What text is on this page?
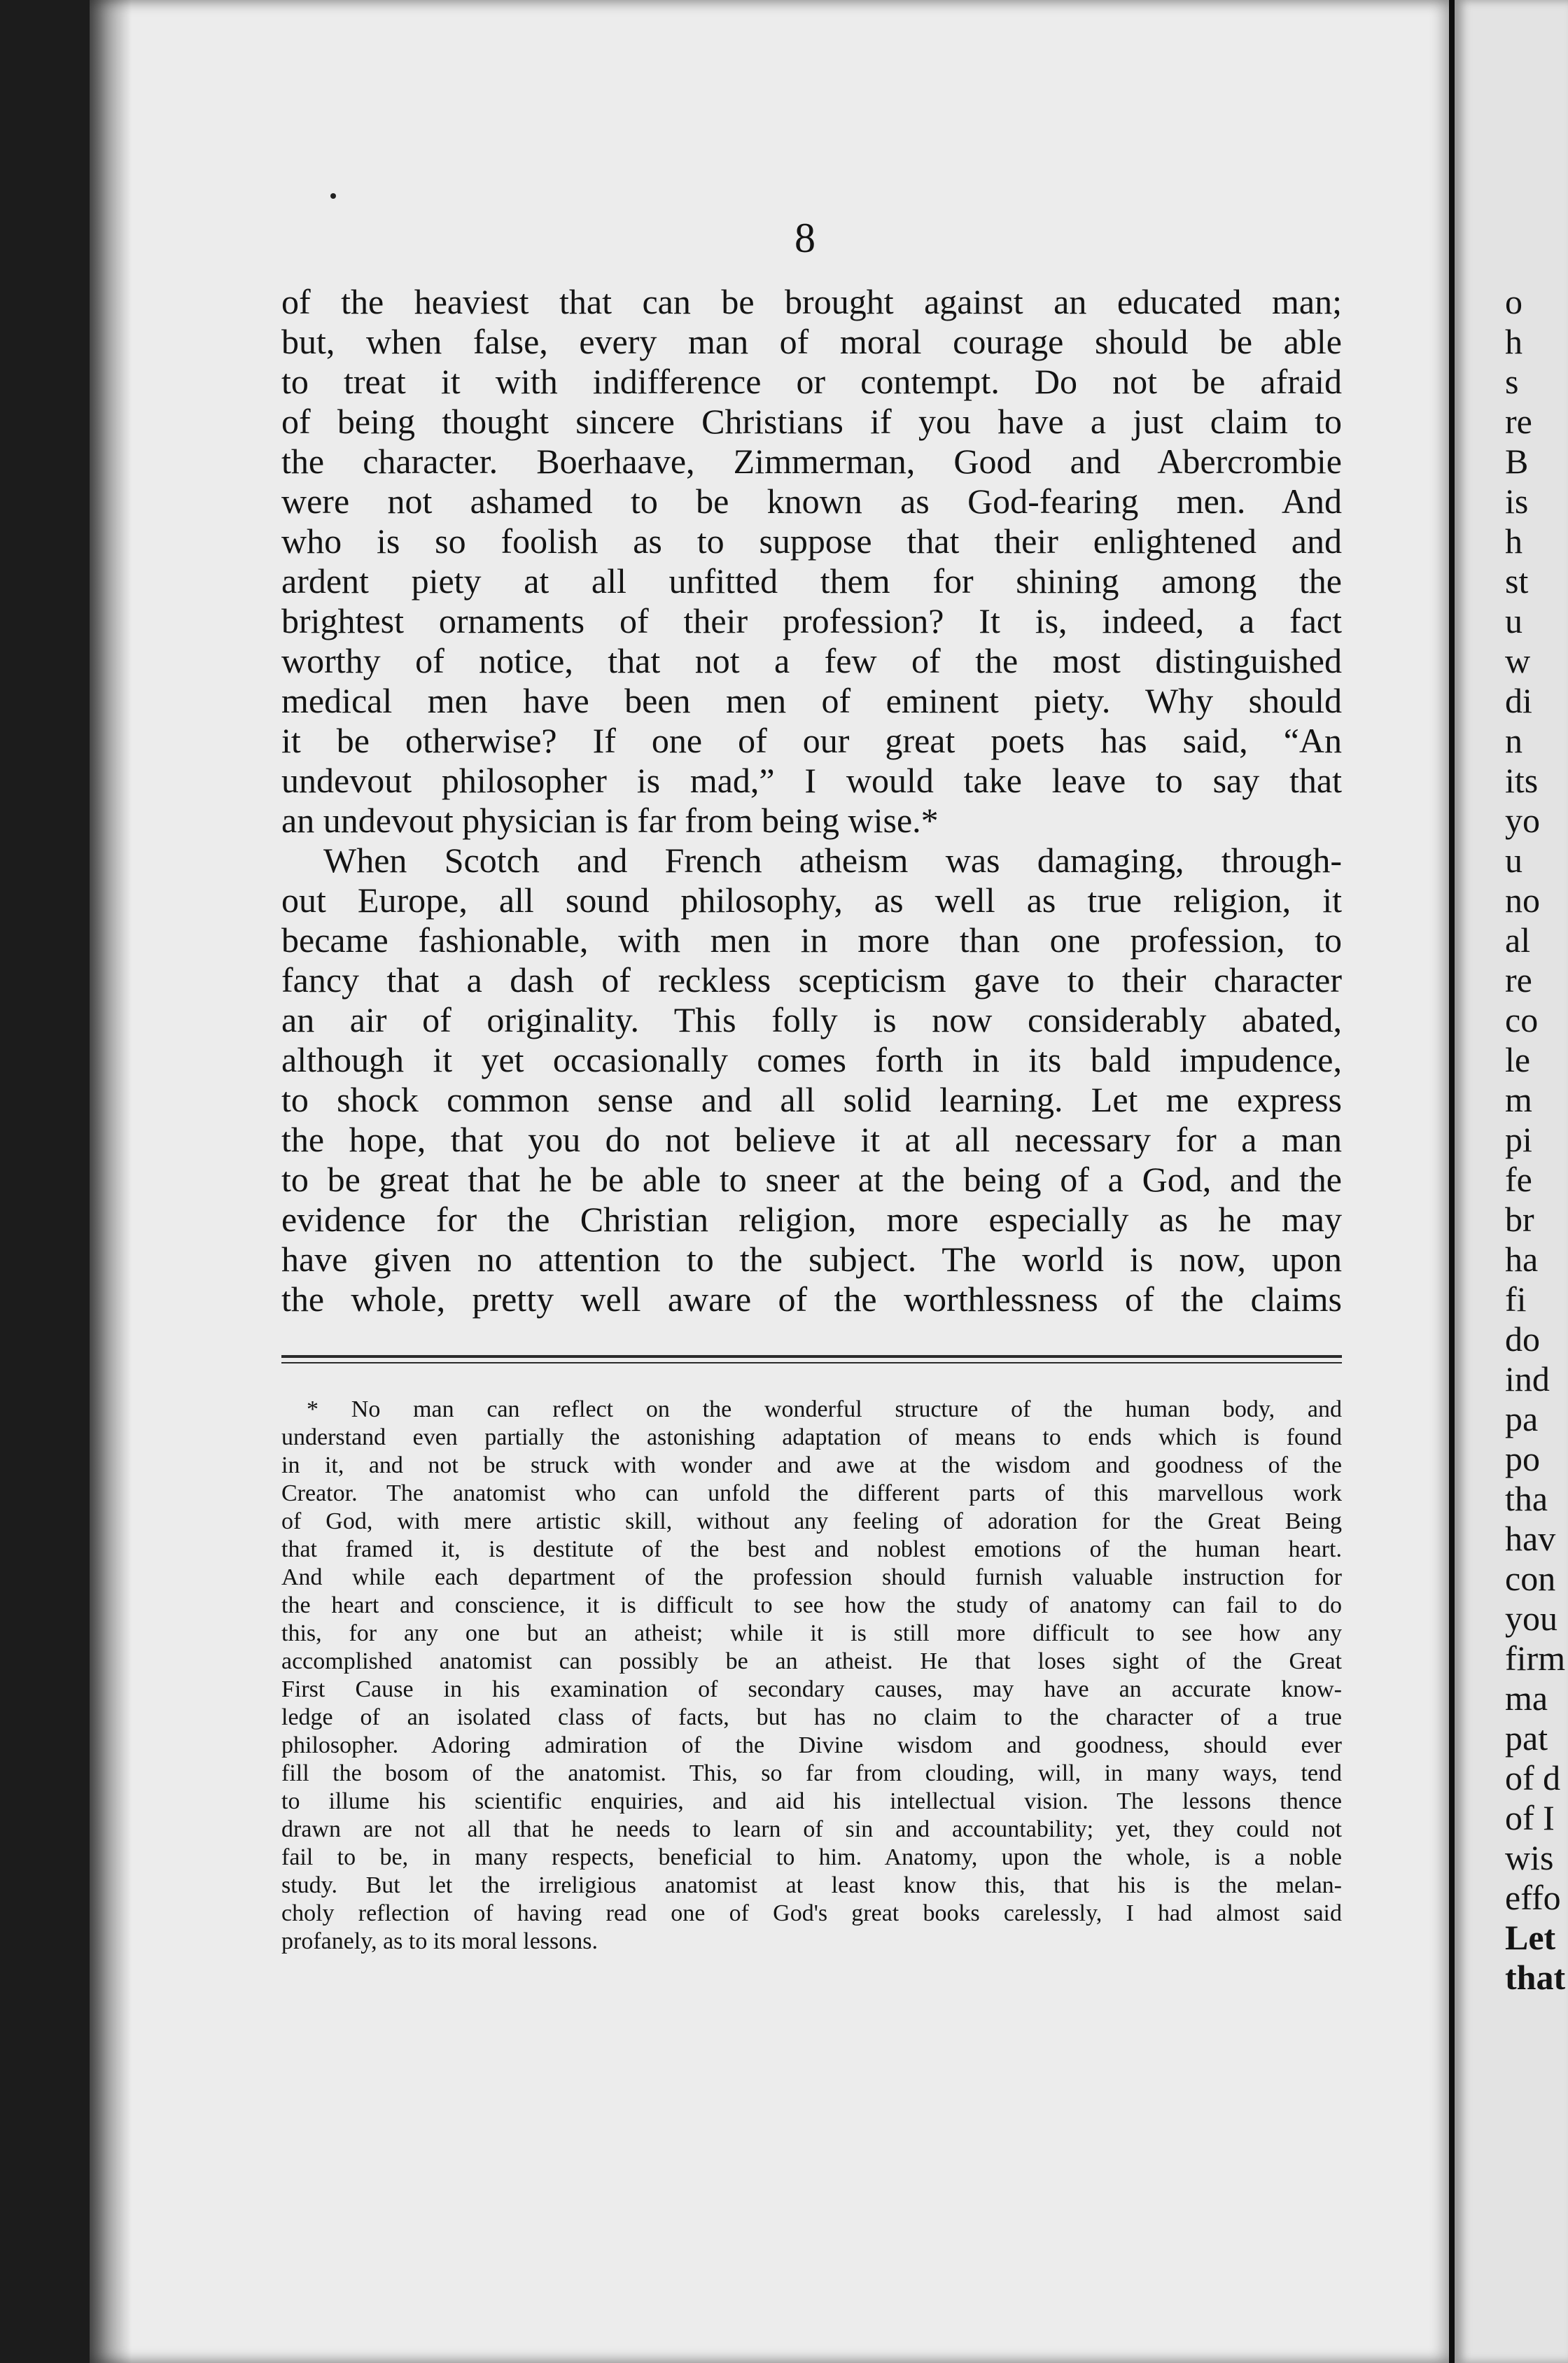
8
of the heaviest that can be brought against an educated man;
but, when false, every man of moral courage should be able
to treat it with indifference or contempt. Do not be afraid
of being thought sincere Christians if you have a just claim to
the character. Boerhaave, Zimmerman, Good and Abercrombie
were not ashamed to be known as God-fearing men. And
who is so foolish as to suppose that their enlightened and
ardent piety at all unfitted them for shining among the
brightest ornaments of their profession? It is, indeed, a fact
worthy of notice, that not a few of the most distinguished
medical men have been men of eminent piety. Why should
it be otherwise? If one of our great poets has said, “An
undevout philosopher is mad,” I would take leave to say that
an undevout physician is far from being wise.*
When Scotch and French atheism was damaging, through-
out Europe, all sound philosophy, as well as true religion, it
became fashionable, with men in more than one profession, to
fancy that a dash of reckless scepticism gave to their character
an air of originality. This folly is now considerably abated,
although it yet occasionally comes forth in its bald impudence,
to shock common sense and all solid learning. Let me express
the hope, that you do not believe it at all necessary for a man
to be great that he be able to sneer at the being of a God, and the
evidence for the Christian religion, more especially as he may
have given no attention to the subject. The world is now, upon
the whole, pretty well aware of the worthlessness of the claims
* No man can reflect on the wonderful structure of the human body, and
understand even partially the astonishing adaptation of means to ends which is found
in it, and not be struck with wonder and awe at the wisdom and goodness of the
Creator. The anatomist who can unfold the different parts of this marvellous work
of God, with mere artistic skill, without any feeling of adoration for the Great Being
that framed it, is destitute of the best and noblest emotions of the human heart.
And while each department of the profession should furnish valuable instruction for
the heart and conscience, it is difficult to see how the study of anatomy can fail to do
this, for any one but an atheist; while it is still more difficult to see how any
accomplished anatomist can possibly be an atheist. He that loses sight of the Great
First Cause in his examination of secondary causes, may have an accurate know-
ledge of an isolated class of facts, but has no claim to the character of a true
philosopher. Adoring admiration of the Divine wisdom and goodness, should ever
fill the bosom of the anatomist. This, so far from clouding, will, in many ways, tend
to illume his scientific enquiries, and aid his intellectual vision. The lessons thence
drawn are not all that he needs to learn of sin and accountability; yet, they could not
fail to be, in many respects, beneficial to him. Anatomy, upon the whole, is a noble
study. But let the irreligious anatomist at least know this, that his is the melan-
choly reflection of having read one of God's great books carelessly, I had almost said
profanely, as to its moral lessons.
o
h
s
re
B
is
h
st
u
w
di
n
its
yo
u
no
al
re
co
le
m
pi
fe
br
ha
fi
do
ind
pa
po
tha
hav
con
you
firm
ma
pat
of d
of I
wis
effo
Let
that
